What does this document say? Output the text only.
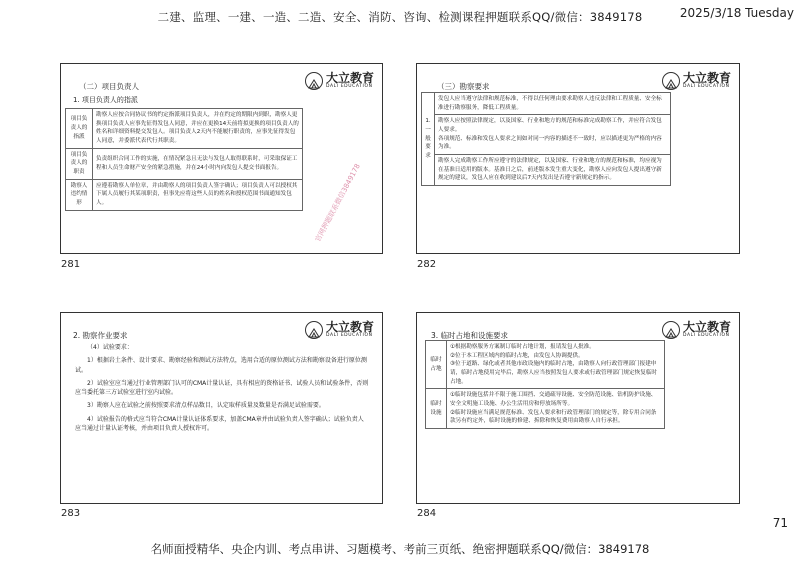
二建、监理、一建、一造、二造、安全、消防、咨询、检测课程押题联系QQ/微信：3849178	2025/3/18 Tuesday
大立教育
DALI EDUCATION
（二）项目负责人
1. 项目负责人的指派
项目负责人的指派	勘察人应按合同协议书的约定指派项目负责人，并在约定的期限内到职，勘察人更换项目负责人应事先征得发包人同意，并应在更换14天前将拟更换的项目负责人的姓名和详细资料提交发包人。项目负责人2天内不能履行职责的，应事先征得发包人同意，并委派代表代行其职责。
项目负责人的职责	负责组织合同工作的实施，在情况紧急且无法与发包人取得联系时，可采取保证工程和人员生命财产安全的紧急措施，并在24小时内向发包人提交书面报告。
勘察人违约情形	应遵着勘察人单位章，并由勘察人的项目负责人签字确认；项目负责人可以授权其下属人员履行其某项职责，但事先应将这些人员的姓名和授权范围书面通知发包人。	官网押题联系微信3849178
281
大立教育
DALI EDUCATION
（三）勘察要求
1. 一般要求	发包人应当遵守法律和规范标准，不得以任何理由要求勘察人违反法律和工程质量、安全标准进行勘察服务，降低工程质量。
勘察人应按照法律规定，以及国家、行业和地方的规范和标准完成勘察工作，并应符合发包人要求。
各项规范、标准和发包人要求之间如对同一内容的描述不一致时，应以描述更为严格的内容为准。
勘察人完成勘察工作所应遵守的法律规定，以及国家、行业和地方的规范和标准，均应视为在基准日适用的版本。基准日之后，前述版本发生重大变化，勘察人应向发包人提出遵守新规定的建议，发包人应在收到建议后7天内发出是否遵守新规定的指示。
282
大立教育
DALI EDUCATION
2. 勘察作业要求

（4）试验要求：

1）根据岩土条件、设计要求、勘察经验和测试方法特点，选用合适的原位测试方法和勘察设备进行原位测试。

2）试验室应当通过行业管理部门认可的CMA计量认证，具有相应的资格证书、试验人员和试验条件，否则应当委托第三方试验室进行室内试验。

3）勘察人应在试验之前按照要求清点样品数目，认定取样质量及数量是否满足试验需要。

4）试验报告的格式应当符合CMA计量认证体系要求，加盖CMA章并由试验负责人签字确认；试验负责人应当通过计量认证考核，并由项目负责人授权许可。

283
大立教育
DALI EDUCATION
3. 临时占地和设施要求
临时占地	①根据勘察服务方案制订临时占地计划，报请发包人批准。
②位于本工程区域内的临时占地，由发包人协调提供。
③位于道路、绿化或者其他市政设施内的临时占地，由勘察人向行政管理部门报建申请，临时占地使用完毕后，勘察人应当按照发包人要求或行政管理部门规定恢复临时占地。
临时设施	①临时设施包括并不限于施工围挡、交通疏导设施、安全防范设施、钻机防护设施、安全文明施工设施、办公生活用房和停放场所等。
②临时设施应当满足规范标准、发包人要求和行政管理部门的规定等，除专用合同条款另有约定外，临时设施的修建、拆除和恢复费用由勘察人自行承担。
284
71
名师面授精华、央企内训、考点串讲、习题模考、考前三页纸、绝密押题联系QQ/微信：3849178
